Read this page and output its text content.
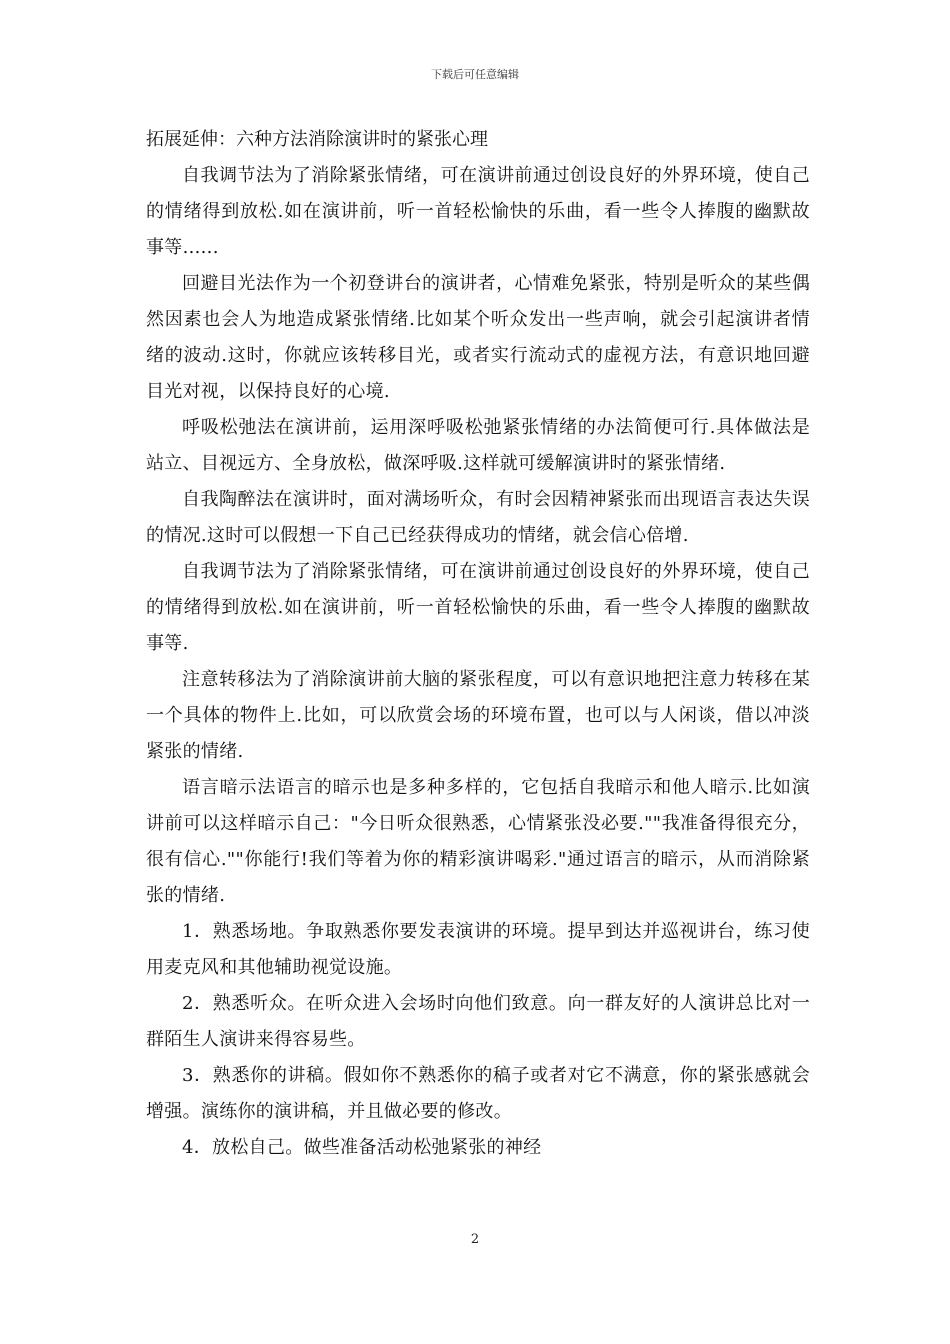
下载后可任意编辑

拓展延伸：六种方法消除演讲时的紧张心理

自我调节法为了消除紧张情绪，可在演讲前通过创设良好的外界环境，使自己的情绪得到放松.如在演讲前，听一首轻松愉快的乐曲，看一些令人捧腹的幽默故事等......

回避目光法作为一个初登讲台的演讲者，心情难免紧张，特别是听众的某些偶然因素也会人为地造成紧张情绪.比如某个听众发出一些声响，就会引起演讲者情绪的波动.这时，你就应该转移目光，或者实行流动式的虚视方法，有意识地回避目光对视，以保持良好的心境.

呼吸松弛法在演讲前，运用深呼吸松弛紧张情绪的办法简便可行.具体做法是站立、目视远方、全身放松，做深呼吸.这样就可缓解演讲时的紧张情绪.

自我陶醉法在演讲时，面对满场听众，有时会因精神紧张而出现语言表达失误的情况.这时可以假想一下自己已经获得成功的情绪，就会信心倍增.

自我调节法为了消除紧张情绪，可在演讲前通过创设良好的外界环境，使自己的情绪得到放松.如在演讲前，听一首轻松愉快的乐曲，看一些令人捧腹的幽默故事等.

注意转移法为了消除演讲前大脑的紧张程度，可以有意识地把注意力转移在某一个具体的物件上.比如，可以欣赏会场的环境布置，也可以与人闲谈，借以冲淡紧张的情绪.

语言暗示法语言的暗示也是多种多样的，它包括自我暗示和他人暗示.比如演讲前可以这样暗示自己："今日听众很熟悉，心情紧张没必要.""我准备得很充分，很有信心.""你能行!我们等着为你的精彩演讲喝彩."通过语言的暗示，从而消除紧张的情绪.

1．熟悉场地。争取熟悉你要发表演讲的环境。提早到达并巡视讲台，练习使用麦克风和其他辅助视觉设施。

2．熟悉听众。在听众进入会场时向他们致意。向一群友好的人演讲总比对一群陌生人演讲来得容易些。

3．熟悉你的讲稿。假如你不熟悉你的稿子或者对它不满意，你的紧张感就会增强。演练你的演讲稿，并且做必要的修改。

4．放松自己。做些准备活动松弛紧张的神经

2
